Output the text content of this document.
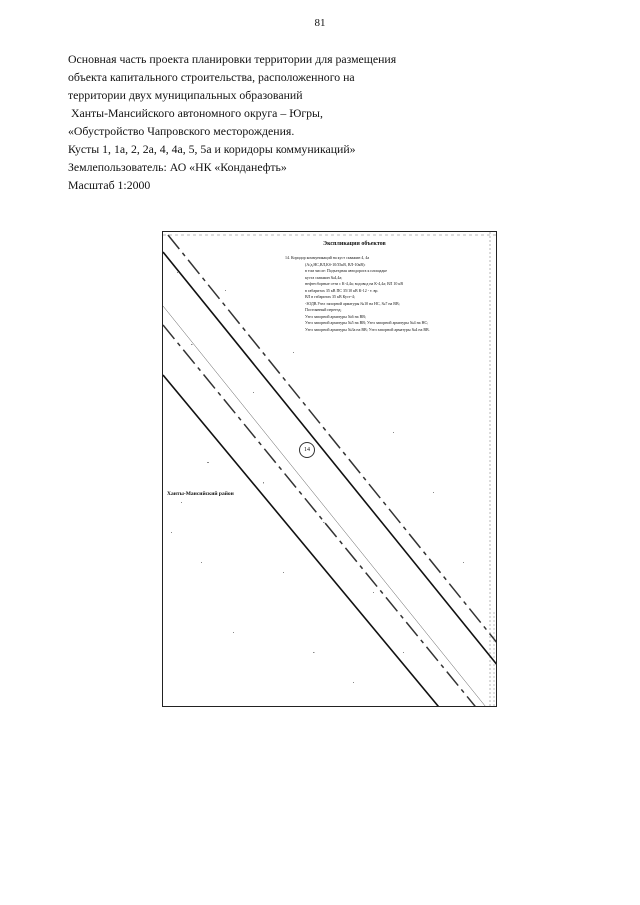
81
Основная часть проекта планировки территории для размещения
объекта капитального строительства, расположенного на
территории двух муниципальных образований
Ханты-Мансийского автономного округа – Югры,
«Обустройство Чапровского месторождения.
Кусты 1, 1а, 2, 2а, 4, 4а, 5, 5а и коридоры коммуникаций»
Землепользователь: АО «НК «Конданефть»
Масштаб 1:2000
Экспликация объектов
14. Коридор коммуникаций на куст скважин 4, 4а
(А/д,НС,ВЛ,Кб-10/35кВ, ВЛ-10кВ):
в том числе: Подъездная автодорога к площадке
куста скважин №4,4а;
нефтесборные сети с К-4,4а; водовод на К-4,4а; ВЛ 10 кВ
в габаритах 35 кВ ПС 35/10 кВ К-12 - т. вр.
ВЛ в габаритах 35 кВ Куст-4;
-ЗОДВ.Узел запорной арматуры №10 на НС, №7 на ВВ;
Постоянный переезд;
Узел запорной арматуры №6 на ВВ;
Узел запорной арматуры №5 на ВВ; Узел запорной арматуры №4 на НС;
Узел запорной арматуры №3а на ВВ; Узел запорной арматуры №4 на ВВ.
14
Ханты-Мансийский район
